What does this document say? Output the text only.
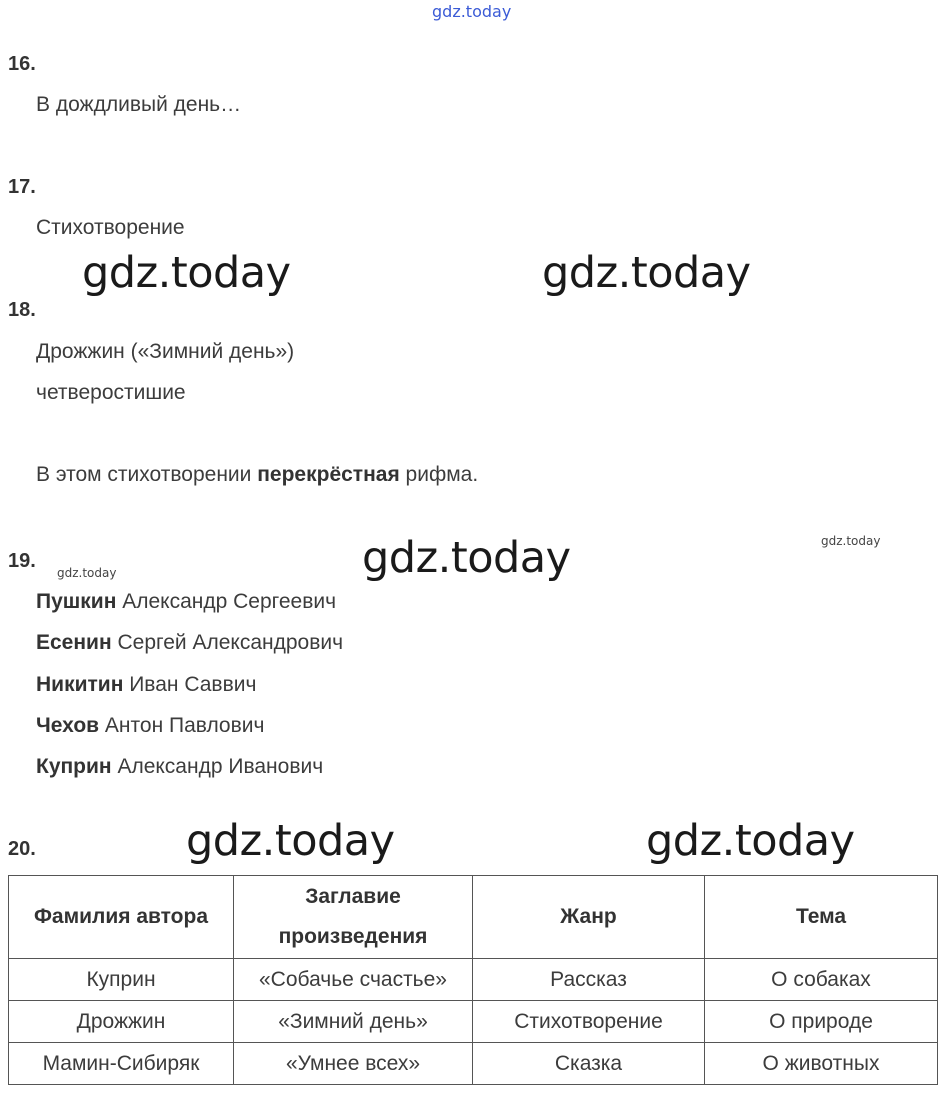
gdz.today
16.
В дождливый день…
17.
Стихотворение
gdz.today	gdz.today
18.
Дрожжин («Зимний день»)
четверостишие
В этом стихотворении перекрёстная рифма.
19.
gdz.today	gdz.today	gdz.today
Пушкин Александр Сергеевич
Есенин Сергей Александрович
Никитин Иван Саввич
Чехов Антон Павлович
Куприн Александр Иванович
20.	gdz.today	gdz.today
Фамилия автора	Заглавие произведения	Жанр	Тема
Куприн	«Собачье счастье»	Рассказ	О собаках
Дрожжин	«Зимний день»	Стихотворение	О природе
Мамин-Сибиряк	«Умнее всех»	Сказка	О животных
